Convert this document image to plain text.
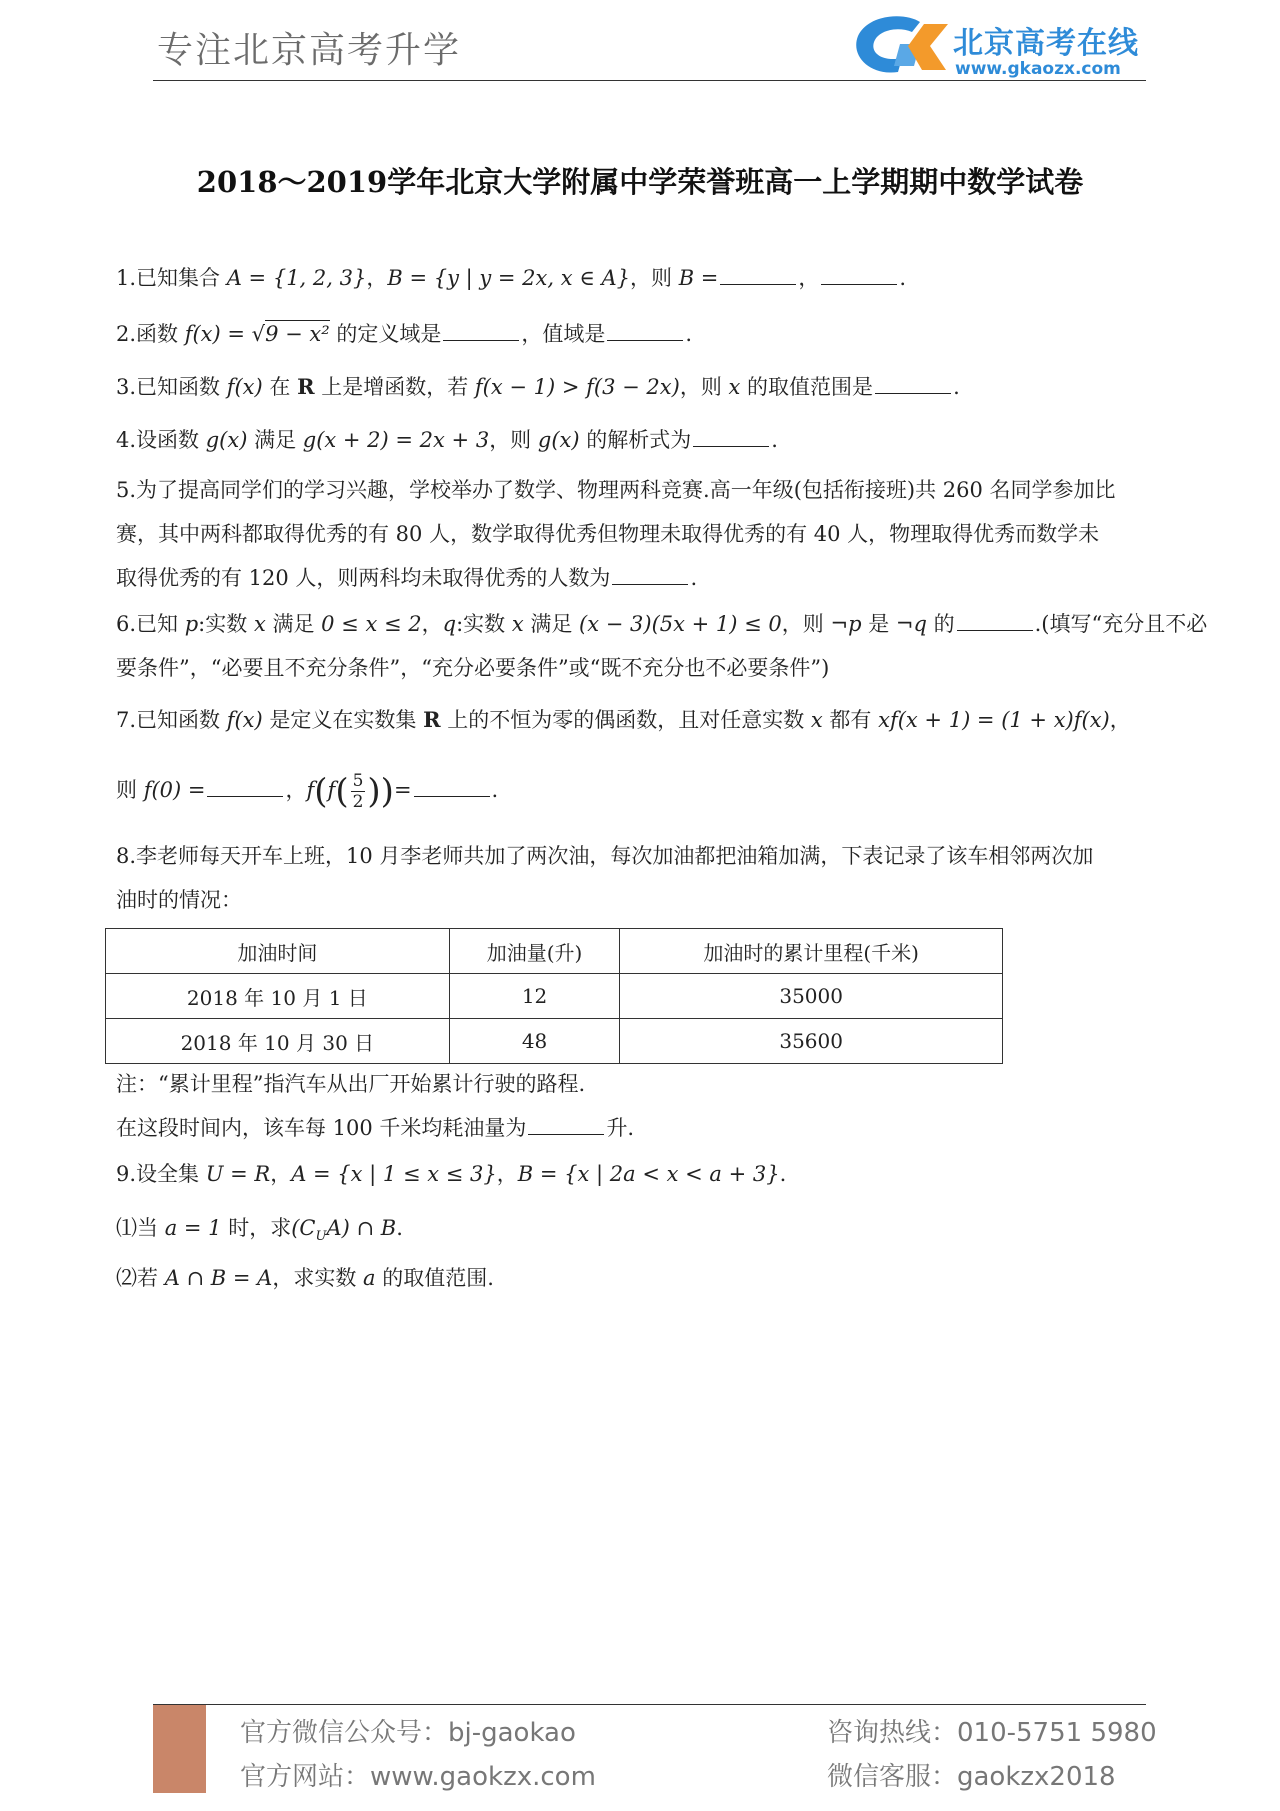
专注北京高考升学	北京高考在线
www.gkaozx.com
2018～2019学年北京大学附属中学荣誉班高一上学期期中数学试卷
1.已知集合 A = {1, 2, 3}，B = {y | y = 2x, x ∈ A}，则 B =	，	.
2.函数 f(x) = √9 − x² 的定义域是	，值域是	.
3.已知函数 f(x) 在 R 上是增函数，若 f(x − 1) > f(3 − 2x)，则 x 的取值范围是	.
4.设函数 g(x) 满足 g(x + 2) = 2x + 3，则 g(x) 的解析式为	.
5.为了提高同学们的学习兴趣，学校举办了数学、物理两科竞赛.高一年级(包括衔接班)共 260 名同学参加比
赛，其中两科都取得优秀的有 80 人，数学取得优秀但物理未取得优秀的有 40 人，物理取得优秀而数学未
取得优秀的有 120 人，则两科均未取得优秀的人数为	.
6.已知 p:实数 x 满足 0 ≤ x ≤ 2，q:实数 x 满足 (x − 3)(5x + 1) ≤ 0，则 ¬p 是 ¬q 的	.(填写“充分且不必
要条件”，“必要且不充分条件”，“充分必要条件”或“既不充分也不必要条件”)
7.已知函数 f(x) 是定义在实数集 R 上的不恒为零的偶函数，且对任意实数 x 都有 xf(x + 1) = (1 + x)f(x)，
则 f(0) =	，$f(f( \frac{5}{2}$ ))=	.
8.李老师每天开车上班，10 月李老师共加了两次油，每次加油都把油箱加满，下表记录了该车相邻两次加
油时的情况：
加油时间	加油量(升)	加油时的累计里程(千米)
2018 年 10 月 1 日	12	35000
2018 年 10 月 30 日	48	35600
注：“累计里程”指汽车从出厂开始累计行驶的路程.
在这段时间内，该车每 100 千米均耗油量为	升.
9.设全集 U = R，A = {x | 1 ≤ x ≤ 3}，B = {x | 2a < x < a + 3}.
⑴当 a = 1 时，求$(C_UA)$ ∩ B.
⑵若 A ∩ B = A，求实数 a 的取值范围.
官方微信公众号：bj-gaokao
官方网站：www.gaokzx.com
咨询热线：010-5751 5980
微信客服：gaokzx2018
